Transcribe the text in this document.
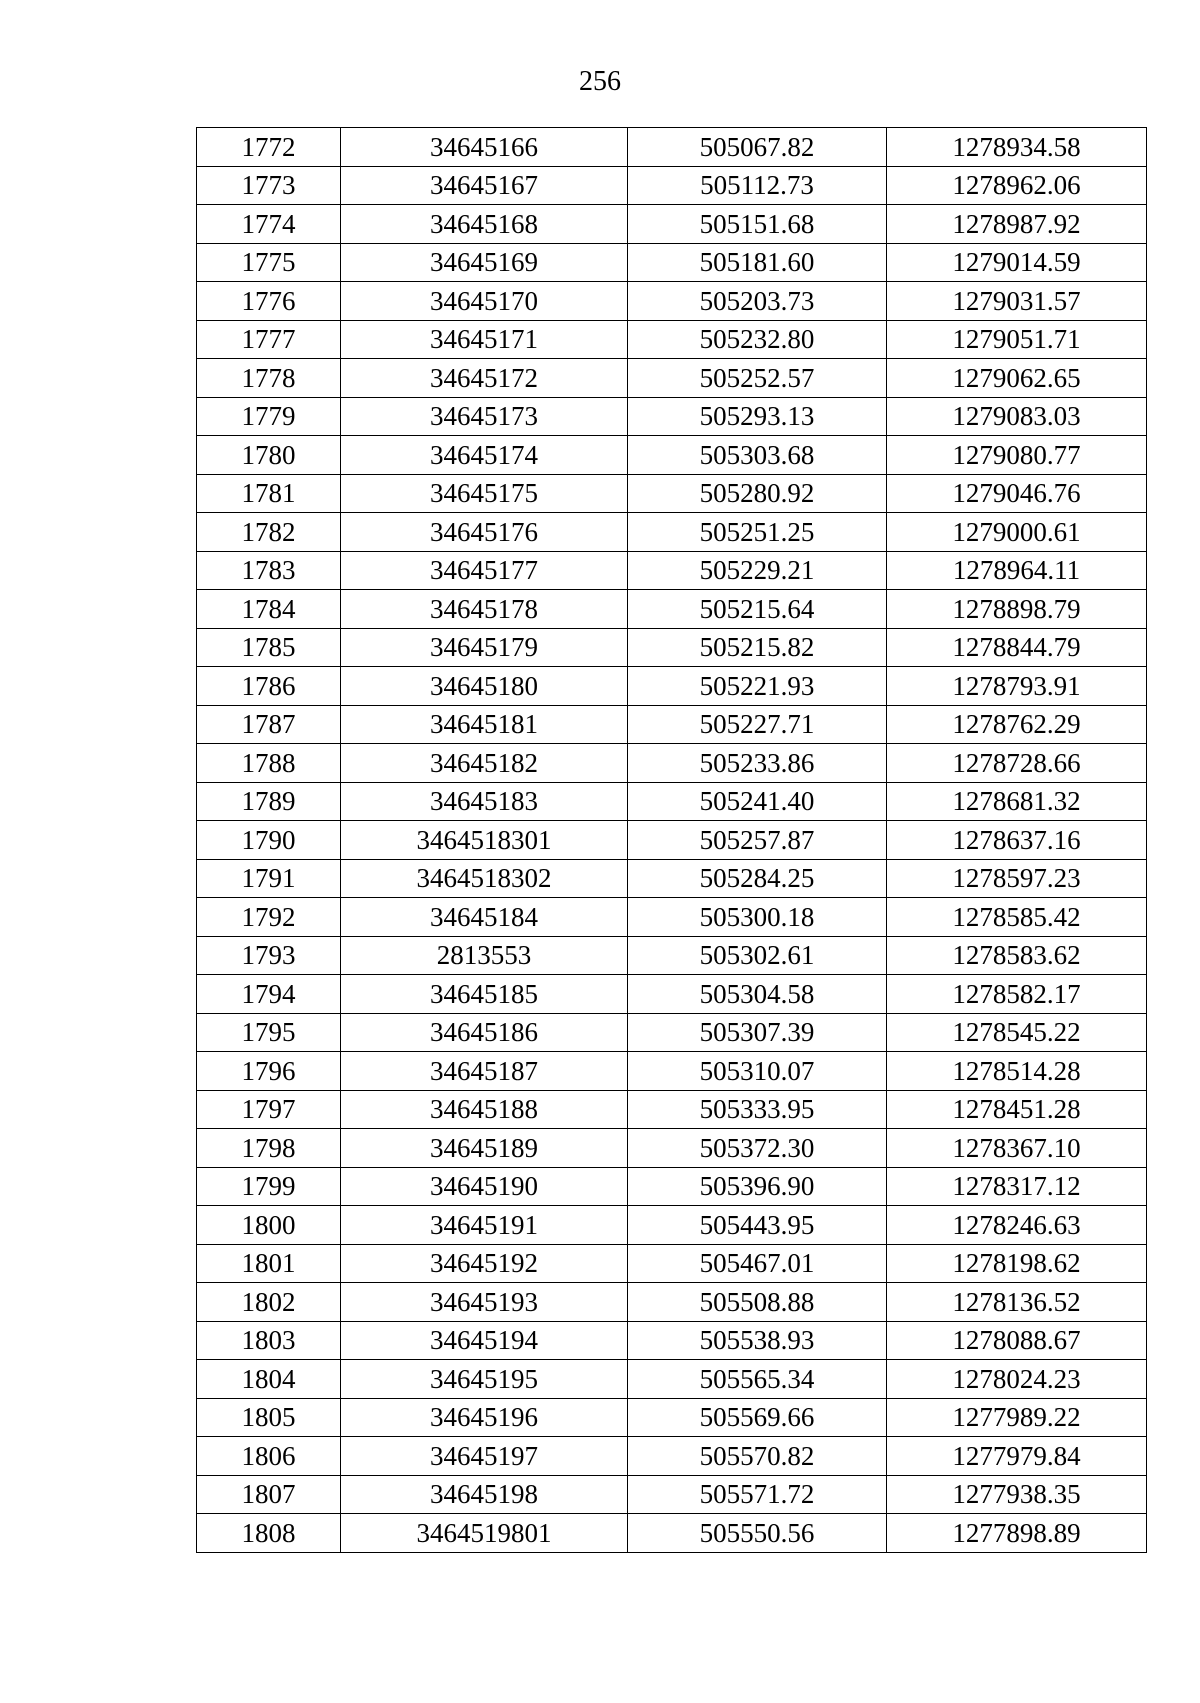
256
1772	34645166	505067.82	1278934.58
1773	34645167	505112.73	1278962.06
1774	34645168	505151.68	1278987.92
1775	34645169	505181.60	1279014.59
1776	34645170	505203.73	1279031.57
1777	34645171	505232.80	1279051.71
1778	34645172	505252.57	1279062.65
1779	34645173	505293.13	1279083.03
1780	34645174	505303.68	1279080.77
1781	34645175	505280.92	1279046.76
1782	34645176	505251.25	1279000.61
1783	34645177	505229.21	1278964.11
1784	34645178	505215.64	1278898.79
1785	34645179	505215.82	1278844.79
1786	34645180	505221.93	1278793.91
1787	34645181	505227.71	1278762.29
1788	34645182	505233.86	1278728.66
1789	34645183	505241.40	1278681.32
1790	3464518301	505257.87	1278637.16
1791	3464518302	505284.25	1278597.23
1792	34645184	505300.18	1278585.42
1793	2813553	505302.61	1278583.62
1794	34645185	505304.58	1278582.17
1795	34645186	505307.39	1278545.22
1796	34645187	505310.07	1278514.28
1797	34645188	505333.95	1278451.28
1798	34645189	505372.30	1278367.10
1799	34645190	505396.90	1278317.12
1800	34645191	505443.95	1278246.63
1801	34645192	505467.01	1278198.62
1802	34645193	505508.88	1278136.52
1803	34645194	505538.93	1278088.67
1804	34645195	505565.34	1278024.23
1805	34645196	505569.66	1277989.22
1806	34645197	505570.82	1277979.84
1807	34645198	505571.72	1277938.35
1808	3464519801	505550.56	1277898.89
